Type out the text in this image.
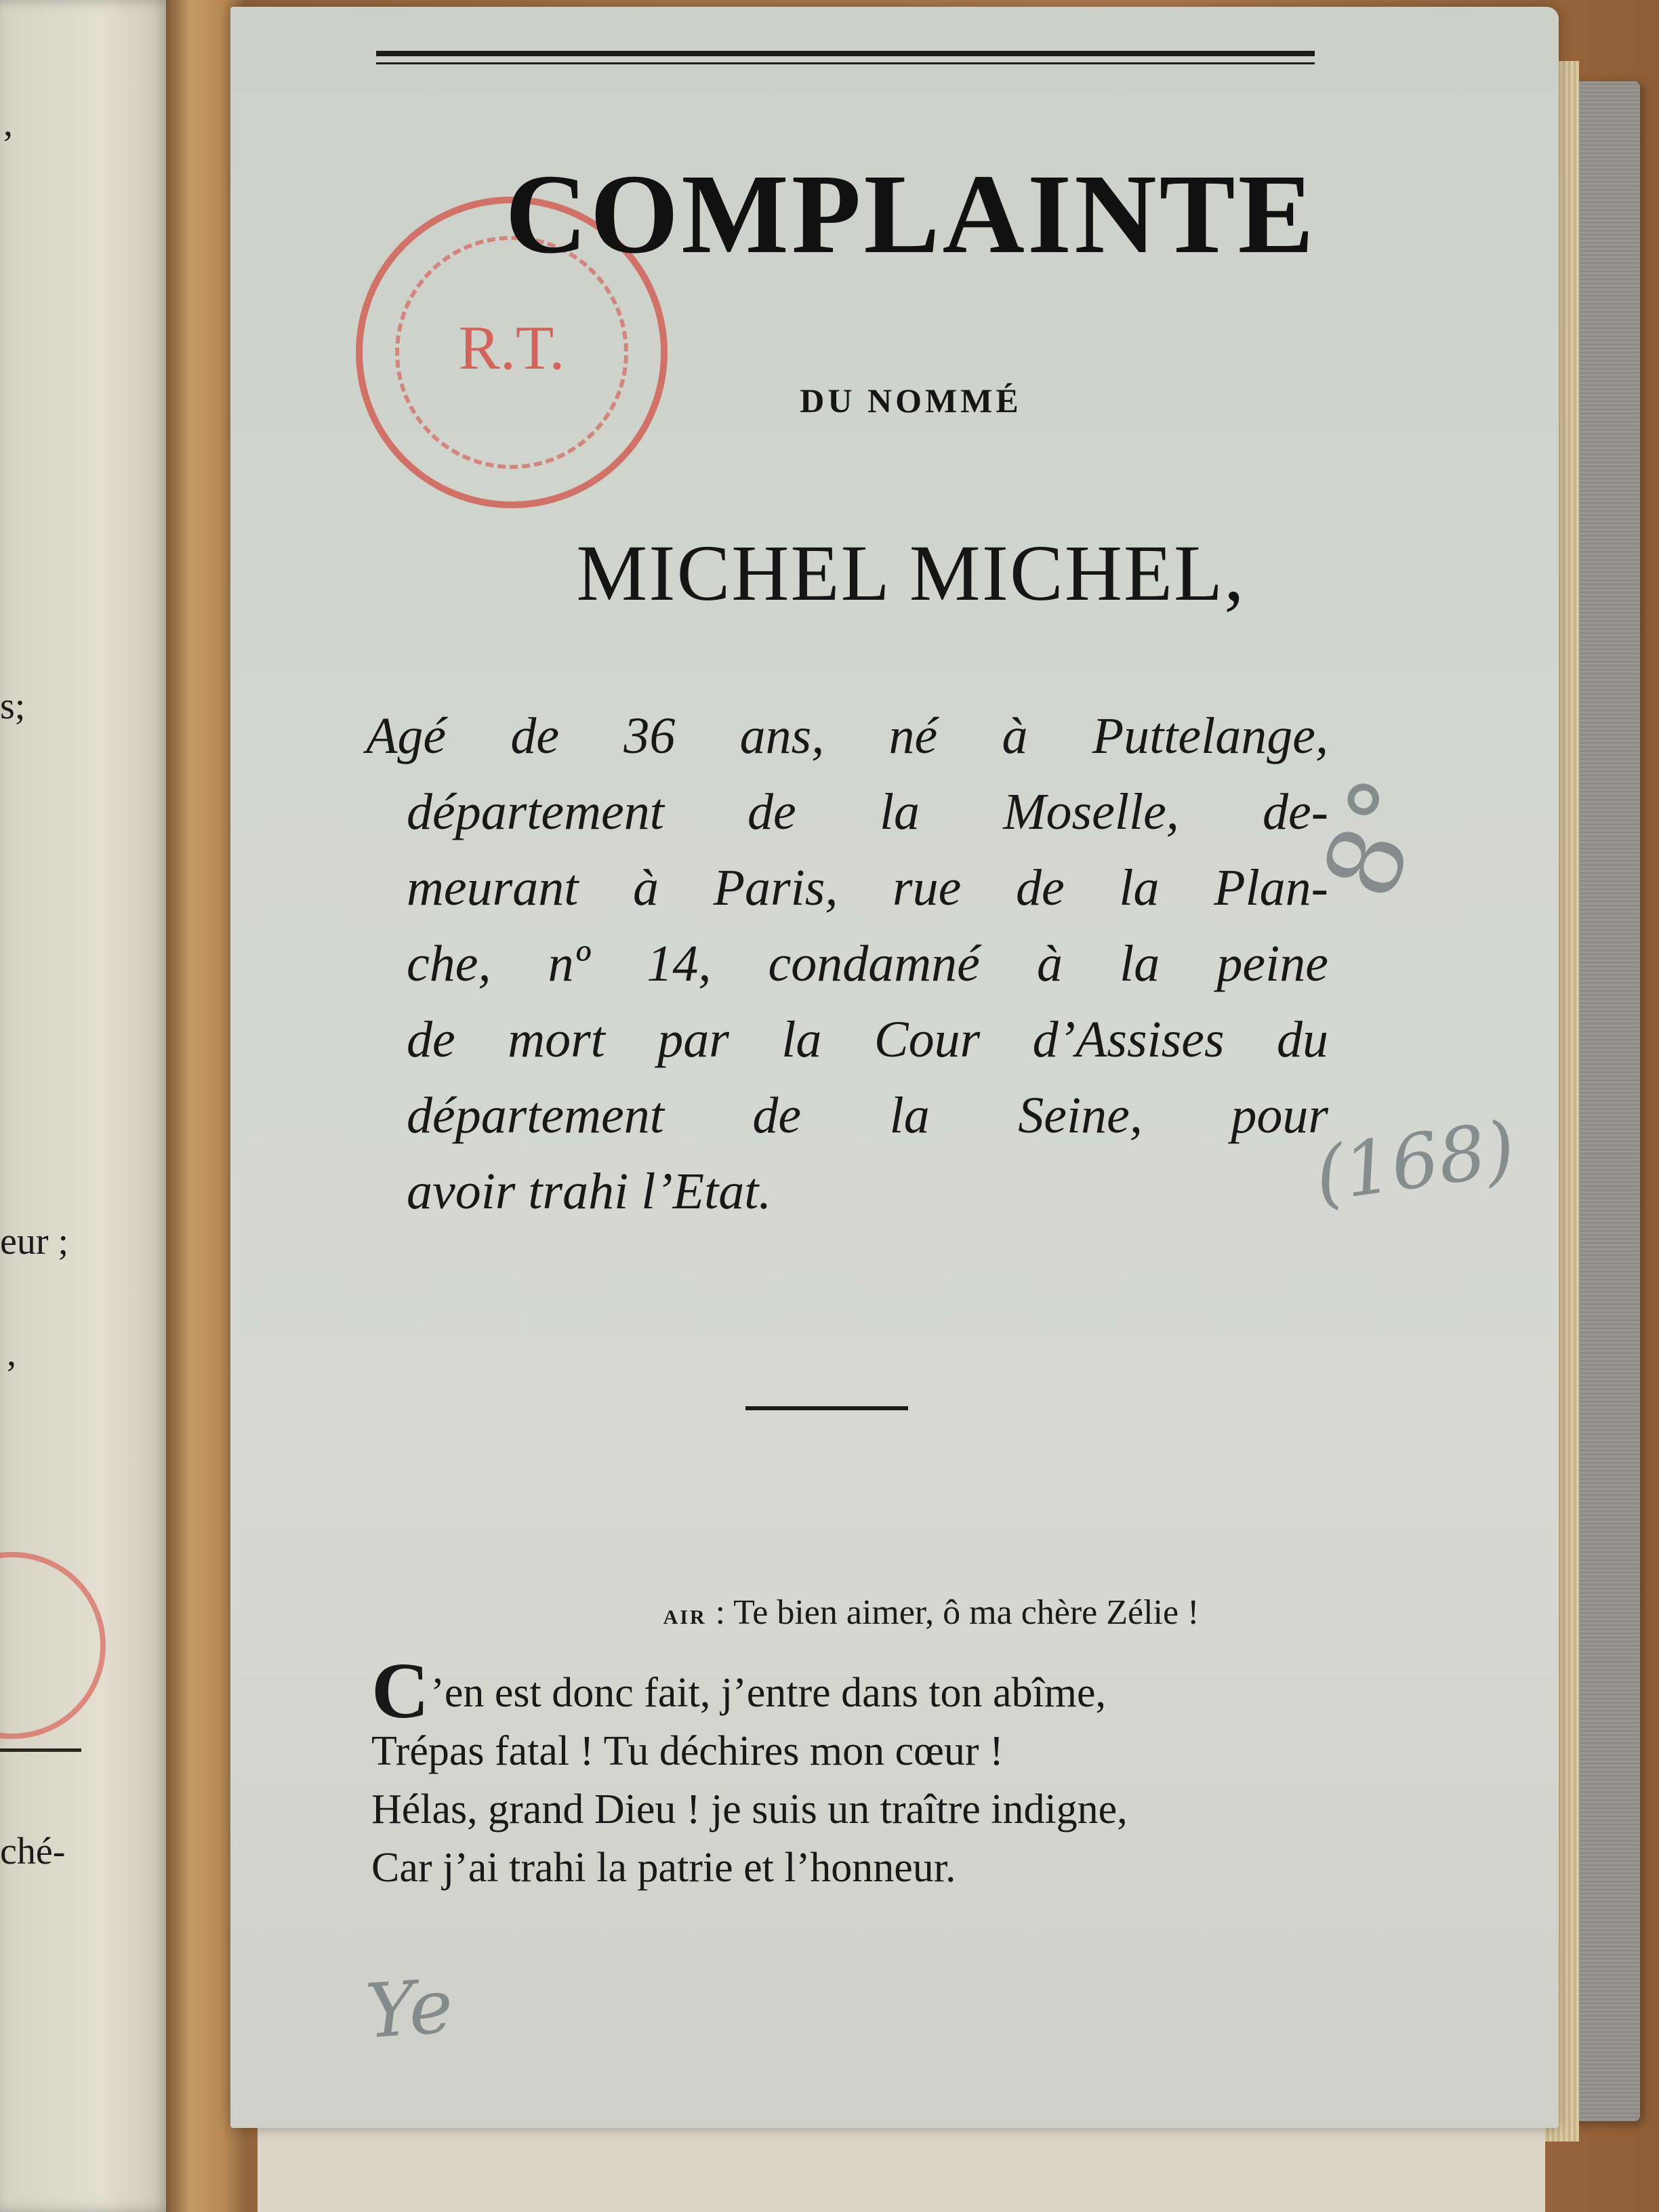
,
s;
eur ;
,
ché-
R.T.
COMPLAINTE
DU NOMMÉ
MICHEL MICHEL,
Agé de 36 ans, né à Puttelange,
département de la Moselle, de-
meurant à Paris, rue de la Plan-
che, nº 14, condamné à la peine
de mort par la Cour d’Assises du
département de la Seine, pour
avoir trahi l’Etat.
AIR : Te bien aimer, ô ma chère Zélie !
C’en est donc fait, j’entre dans ton abîme,
Trépas fatal ! Tu déchires mon cœur !
Hélas, grand Dieu ! je suis un traître indigne,
Car j’ai trahi la patrie et l’honneur.
8°
(168)
Ye
